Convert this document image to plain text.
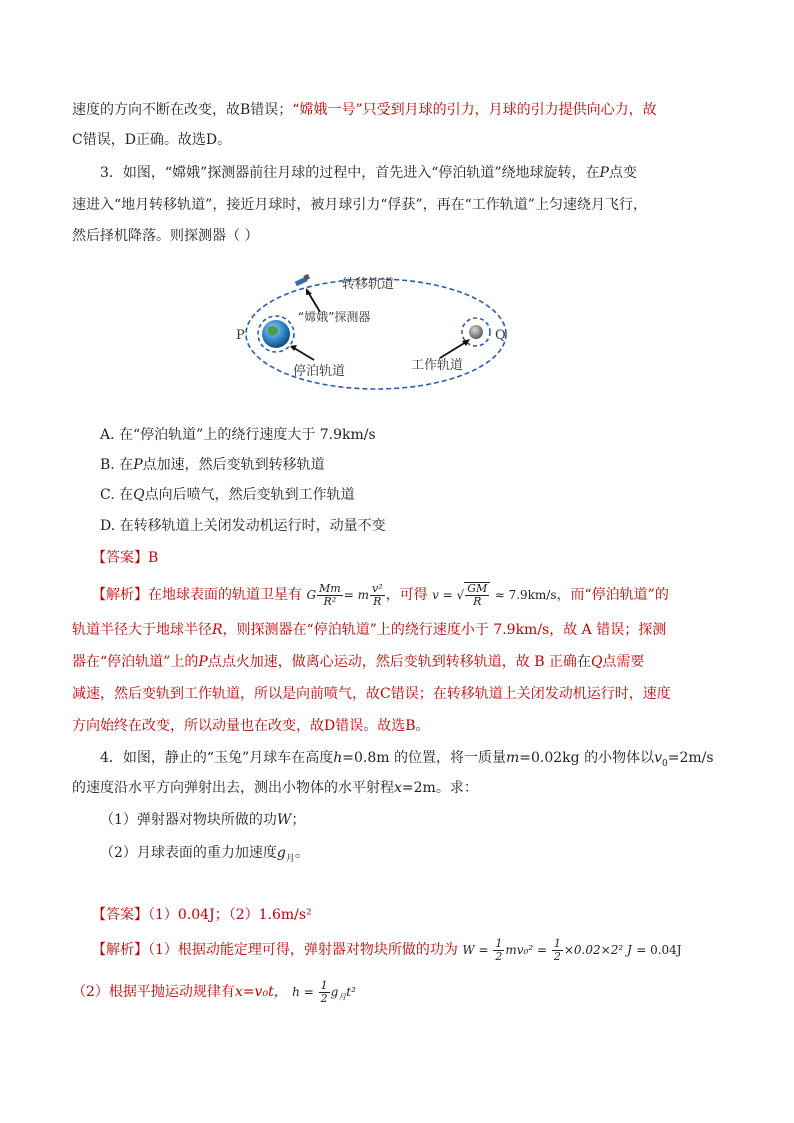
速度的方向不断在改变，故B错误；“嫦娥一号”只受到月球的引力，月球的引力提供向心力，故
C错误，D正确。故选D。
3．如图，“嫦娥”探测器前往月球的过程中，首先进入“停泊轨道”绕地球旋转，在P点变
速进入“地月转移轨道”，接近月球时，被月球引力“俘获”，再在“工作轨道”上匀速绕月飞行，
然后择机降落。则探测器（ ）
转移轨道
“嫦娥”探测器
停泊轨道	工作轨道
P	Q
A. 在“停泊轨道”上的绕行速度大于 7.9km/s
B. 在P点加速，然后变轨到转移轨道
C. 在Q点向后喷气，然后变轨到工作轨道
D. 在转移轨道上关闭发动机运行时，动量不变
【答案】B
【解析】在地球表面的轨道卫星有 G $\frac{Mm}{\text{R²}} = m \frac{\text{v²}}{R}$ ，可得 v = √ $\frac{GM}{R} \approx 7.9km/s$，而“停泊轨道”的
轨道半径大于地球半径R，则探测器在“停泊轨道”上的绕行速度小于 7.9km/s，故 A 错误；探测
器在“停泊轨道”上的P点点火加速，做离心运动，然后变轨到转移轨道，故 B 正确在Q点需要
减速，然后变轨到工作轨道，所以是向前喷气，故C错误；在转移轨道上关闭发动机运行时，速度
方向始终在改变，所以动量也在改变，故D错误。故选B。
4．如图，静止的“玉兔”月球车在高度h=0.8m 的位置，将一质量m=0.02kg 的小物体以$v_0=2m/s$
的速度沿水平方向弹射出去，测出小物体的水平射程x=2m。求：
（1）弹射器对物块所做的功W；
（2）月球表面的重力加速度$g_月$。
【答案】（1）0.04J；（2）1.6m/s²
【解析】（1）根据动能定理可得，弹射器对物块所做的功为 $W = \frac{1}{2} mv_0^2 = \frac{1}{2} \times 0.02\times 2^2$ J = 0.04J
（2）根据平抛运动规律有x=v₀t， $h = \frac{1}{2} g_月t^2$
